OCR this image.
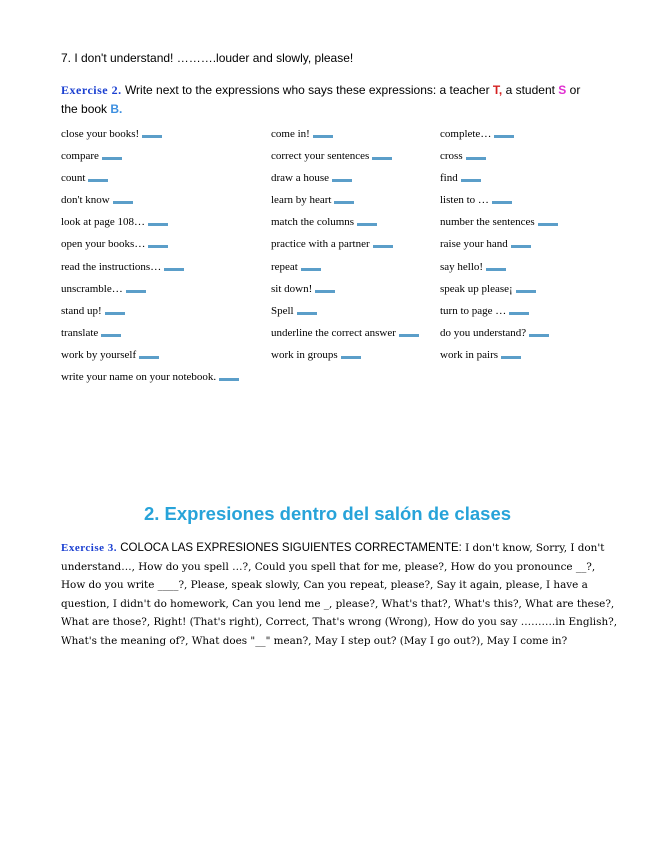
7. I don't understand! ……….louder and slowly, please!
Exercise 2. Write next to the expressions who says these expressions: a teacher T, a student S or the book B.
close your books!	come in!	complete…
compare	correct your sentences	cross
count	draw a house	find
don't know	learn by heart	listen to …
look at page 108…	match the columns	number the sentences
open your books…	practice with a partner	raise your hand
read the instructions…	repeat	say hello!
unscramble…	sit down!	speak up please¡
stand up!	Spell	turn to page …
translate	underline the correct answer	do you understand?
work by yourself	work in groups	work in pairs
write your name on your notebook.
2. Expresiones dentro del salón de clases
Exercise 3. COLOCA LAS EXPRESIONES SIGUIENTES CORRECTAMENTE: I don't know, Sorry, I don't understand…, How do you spell …?, Could you spell that for me, please?, How do you pronounce __?, How do you write ____?, Please, speak slowly, Can you repeat, please?, Say it again, please, I have a question, I didn't do homework, Can you lend me _, please?, What's that?, What's this?, What are these?, What are those?, Right! (That's right), Correct, That's wrong (Wrong), How do you say ……….in English?, What's the meaning of?, What does "__" mean?, May I step out? (May I go out?), May I come in?
